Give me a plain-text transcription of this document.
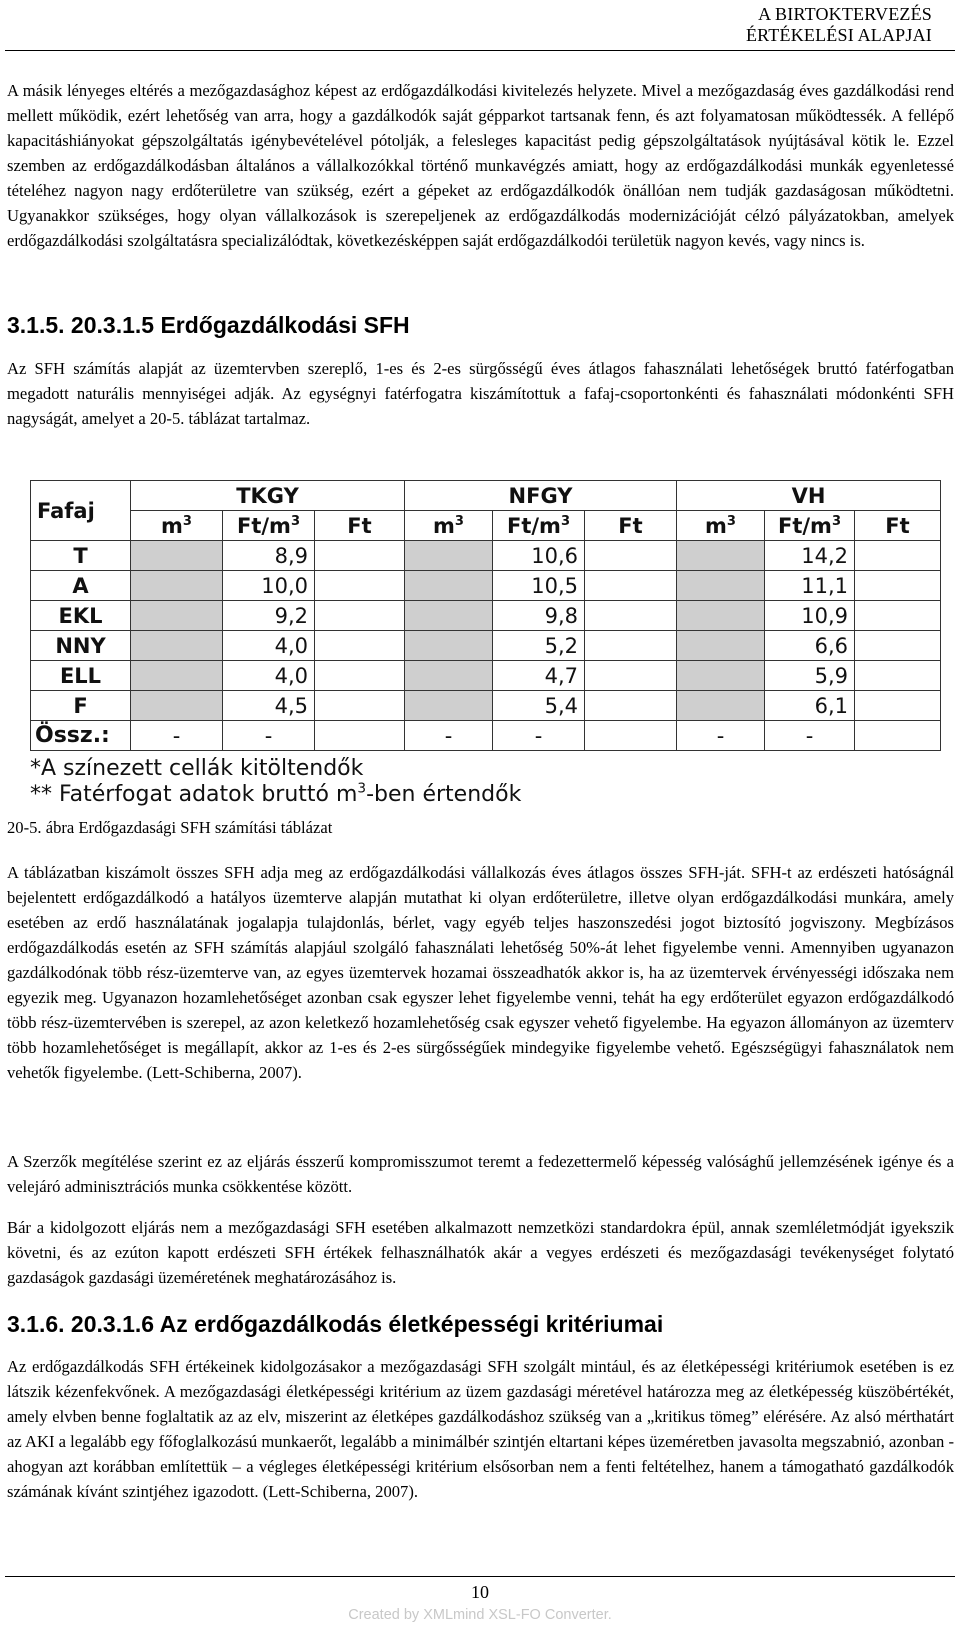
A BIRTOKTERVEZÉS
ÉRTÉKELÉSI ALAPJAI

A másik lényeges eltérés a mezőgazdasághoz képest az erdőgazdálkodási kivitelezés helyzete. Mivel a mezőgazdaság éves gazdálkodási rend mellett működik, ezért lehetőség van arra, hogy a gazdálkodók saját gépparkot tartsanak fenn, és azt folyamatosan működtessék. A fellépő kapacitáshiányokat gépszolgáltatás igénybevételével pótolják, a felesleges kapacitást pedig gépszolgáltatások nyújtásával kötik le. Ezzel szemben az erdőgazdálkodásban általános a vállalkozókkal történő munkavégzés amiatt, hogy az erdőgazdálkodási munkák egyenletessé tételéhez nagyon nagy erdőterületre van szükség, ezért a gépeket az erdőgazdálkodók önállóan nem tudják gazdaságosan működtetni. Ugyanakkor szükséges, hogy olyan vállalkozások is szerepeljenek az erdőgazdálkodás modernizációját célzó pályázatokban, amelyek erdőgazdálkodási szolgáltatásra specializálódtak, következésképpen saját erdőgazdálkodói területük nagyon kevés, vagy nincs is.

3.1.5. 20.3.1.5 Erdőgazdálkodási SFH

Az SFH számítás alapját az üzemtervben szereplő, 1-es és 2-es sürgősségű éves átlagos fahasználati lehetőségek bruttó fatérfogatban megadott naturális mennyiségei adják. Az egységnyi fatérfogatra kiszámítottuk a fafaj-csoportonkénti és fahasználati módonkénti SFH nagyságát, amelyet a 20-5. táblázat tartalmaz.

Fafaj	TKGY			NFGY			VH		
	$m^3$	$Ft/m^3$	Ft	$m^3$	$Ft/m^3$	Ft	$m^3$	$Ft/m^3$	Ft
T		8,9			10,6			14,2	
A		10,0			10,5			11,1	
EKL		9,2			9,8			10,9	
NNY		4,0			5,2			6,6	
ELL		4,0			4,7			5,9	
F		4,5			5,4			6,1	
Össz.:	-	-		-	-		-	-	
*A színezett cellák kitöltendők
** Fatérfogat adatok bruttó $m^3$-ben értendők

20-5. ábra Erdőgazdasági SFH számítási táblázat

A táblázatban kiszámolt összes SFH adja meg az erdőgazdálkodási vállalkozás éves átlagos összes SFH-ját. SFH-t az erdészeti hatóságnál bejelentett erdőgazdálkodó a hatályos üzemterve alapján mutathat ki olyan erdőterületre, illetve olyan erdőgazdálkodási munkára, amely esetében az erdő használatának jogalapja tulajdonlás, bérlet, vagy egyéb teljes haszonszedési jogot biztosító jogviszony. Megbízásos erdőgazdálkodás esetén az SFH számítás alapjául szolgáló fahasználati lehetőség 50%-át lehet figyelembe venni. Amennyiben ugyanazon gazdálkodónak több rész-üzemterve van, az egyes üzemtervek hozamai összeadhatók akkor is, ha az üzemtervek érvényességi időszaka nem egyezik meg. Ugyanazon hozamlehetőséget azonban csak egyszer lehet figyelembe venni, tehát ha egy erdőterület egyazon erdőgazdálkodó több rész-üzemtervében is szerepel, az azon keletkező hozamlehetőség csak egyszer vehető figyelembe. Ha egyazon állományon az üzemterv több hozamlehetőséget is megállapít, akkor az 1-es és 2-es sürgősségűek mindegyike figyelembe vehető. Egészségügyi fahasználatok nem vehetők figyelembe. (Lett-Schiberna, 2007).

A Szerzők megítélése szerint ez az eljárás ésszerű kompromisszumot teremt a fedezettermelő képesség valósághű jellemzésének igénye és a velejáró adminisztrációs munka csökkentése között.

Bár a kidolgozott eljárás nem a mezőgazdasági SFH esetében alkalmazott nemzetközi standardokra épül, annak szemléletmódját igyekszik követni, és az ezúton kapott erdészeti SFH értékek felhasználhatók akár a vegyes erdészeti és mezőgazdasági tevékenységet folytató gazdaságok gazdasági üzeméretének meghatározásához is.

3.1.6. 20.3.1.6 Az erdőgazdálkodás életképességi kritériumai

Az erdőgazdálkodás SFH értékeinek kidolgozásakor a mezőgazdasági SFH szolgált mintául, és az életképességi kritériumok esetében is ez látszik kézenfekvőnek. A mezőgazdasági életképességi kritérium az üzem gazdasági méretével határozza meg az életképesség küszöbértékét, amely elvben benne foglaltatik az az elv, miszerint az életképes gazdálkodáshoz szükség van a „kritikus tömeg” elérésére. Az alsó mérthatárt az AKI a legalább egy főfoglalkozású munkaerőt, legalább a minimálbér szintjén eltartani képes üzeméretben javasolta megszabnió, azonban - ahogyan azt korábban említettük – a végleges életképességi kritérium elsősorban nem a fenti feltételhez, hanem a támogatható gazdálkodók számának kívánt szintjéhez igazodott. (Lett-Schiberna, 2007).

10
Created by XMLmind XSL-FO Converter.
